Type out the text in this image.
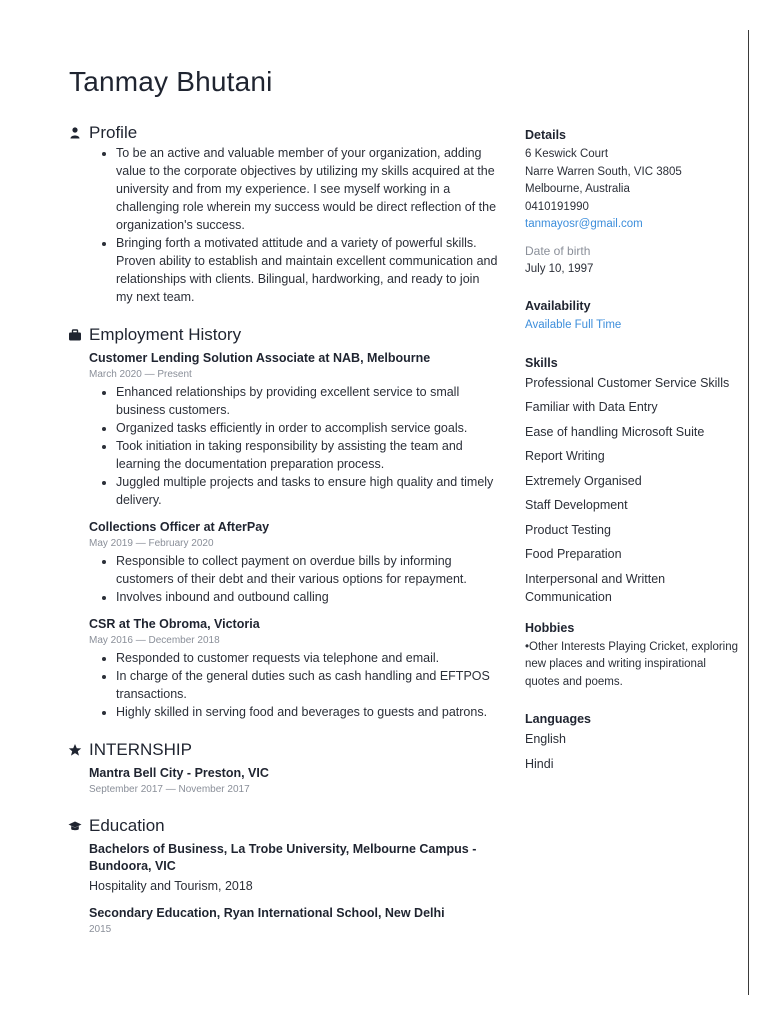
Tanmay Bhutani
Profile
• To be an active and valuable member of your organization, adding value to the corporate objectives by utilizing my skills acquired at the university and from my experience. I see myself working in a challenging role wherein my success would be direct reflection of the organization's success.
• Bringing forth a motivated attitude and a variety of powerful skills. Proven ability to establish and maintain excellent communication and relationships with clients. Bilingual, hardworking, and ready to join my next team.
Employment History
Customer Lending Solution Associate at NAB, Melbourne
March 2020 — Present
• Enhanced relationships by providing excellent service to small business customers.
• Organized tasks efficiently in order to accomplish service goals.
• Took initiation in taking responsibility by assisting the team and learning the documentation preparation process.
• Juggled multiple projects and tasks to ensure high quality and timely delivery.
Collections Officer at AfterPay
May 2019 — February 2020
• Responsible to collect payment on overdue bills by informing customers of their debt and their various options for repayment.
• Involves inbound and outbound calling
CSR at The Obroma, Victoria
May 2016 — December 2018
• Responded to customer requests via telephone and email.
• In charge of the general duties such as cash handling and EFTPOS transactions.
• Highly skilled in serving food and beverages to guests and patrons.
INTERNSHIP
Mantra Bell City - Preston, VIC
September 2017 — November 2017
Education
Bachelors of Business, La Trobe University, Melbourne Campus - Bundoora, VIC
Hospitality and Tourism, 2018
Secondary Education, Ryan International School, New Delhi
2015
Details
6 Keswick Court
Narre Warren South, VIC 3805
Melbourne, Australia
0410191990
tanmayosr@gmail.com
Date of birth
July 10, 1997
Availability
Available Full Time
Skills
Professional Customer Service Skills
Familiar with Data Entry
Ease of handling Microsoft Suite
Report Writing
Extremely Organised
Staff Development
Product Testing
Food Preparation
Interpersonal and Written Communication
Hobbies
•Other Interests Playing Cricket, exploring new places and writing inspirational quotes and poems.
Languages
English
Hindi
